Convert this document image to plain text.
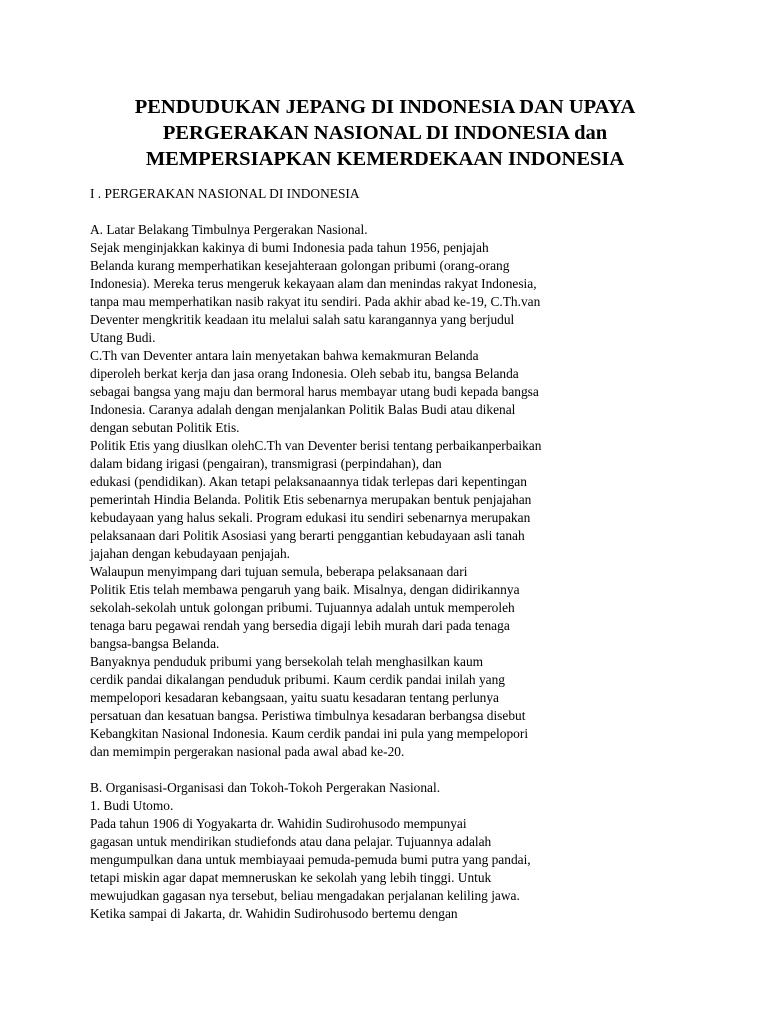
PENDUDUKAN JEPANG DI INDONESIA DAN UPAYA
PERGERAKAN NASIONAL DI INDONESIA dan
MEMPERSIAPKAN KEMERDEKAAN INDONESIA
I . PERGERAKAN NASIONAL DI INDONESIA
A. Latar Belakang Timbulnya Pergerakan Nasional.
Sejak menginjakkan kakinya di bumi Indonesia pada tahun 1956, penjajah
Belanda kurang memperhatikan kesejahteraan golongan pribumi (orang-orang
Indonesia). Mereka terus mengeruk kekayaan alam dan menindas rakyat Indonesia,
tanpa mau memperhatikan nasib rakyat itu sendiri. Pada akhir abad ke-19, C.Th.van
Deventer mengkritik keadaan itu melalui salah satu karangannya yang berjudul
Utang Budi.
C.Th van Deventer antara lain menyetakan bahwa kemakmuran Belanda
diperoleh berkat kerja dan jasa orang Indonesia. Oleh sebab itu, bangsa Belanda
sebagai bangsa yang maju dan bermoral harus membayar utang budi kepada bangsa
Indonesia. Caranya adalah dengan menjalankan Politik Balas Budi atau dikenal
dengan sebutan Politik Etis.
Politik Etis yang diuslkan olehC.Th van Deventer berisi tentang perbaikanperbaikan
dalam bidang irigasi (pengairan), transmigrasi (perpindahan), dan
edukasi (pendidikan). Akan tetapi pelaksanaannya tidak terlepas dari kepentingan
pemerintah Hindia Belanda. Politik Etis sebenarnya merupakan bentuk penjajahan
kebudayaan yang halus sekali. Program edukasi itu sendiri sebenarnya merupakan
pelaksanaan dari Politik Asosiasi yang berarti penggantian kebudayaan asli tanah
jajahan dengan kebudayaan penjajah.
Walaupun menyimpang dari tujuan semula, beberapa pelaksanaan dari
Politik Etis telah membawa pengaruh yang baik. Misalnya, dengan didirikannya
sekolah-sekolah untuk golongan pribumi. Tujuannya adalah untuk memperoleh
tenaga baru pegawai rendah yang bersedia digaji lebih murah dari pada tenaga
bangsa-bangsa Belanda.
Banyaknya penduduk pribumi yang bersekolah telah menghasilkan kaum
cerdik pandai dikalangan penduduk pribumi. Kaum cerdik pandai inilah yang
mempelopori kesadaran kebangsaan, yaitu suatu kesadaran tentang perlunya
persatuan dan kesatuan bangsa. Peristiwa timbulnya kesadaran berbangsa disebut
Kebangkitan Nasional Indonesia. Kaum cerdik pandai ini pula yang mempelopori
dan memimpin pergerakan nasional pada awal abad ke-20.
B. Organisasi-Organisasi dan Tokoh-Tokoh Pergerakan Nasional.
1. Budi Utomo.
Pada tahun 1906 di Yogyakarta dr. Wahidin Sudirohusodo mempunyai
gagasan untuk mendirikan studiefonds atau dana pelajar. Tujuannya adalah
mengumpulkan dana untuk membiayaai pemuda-pemuda bumi putra yang pandai,
tetapi miskin agar dapat memneruskan ke sekolah yang lebih tinggi. Untuk
mewujudkan gagasan nya tersebut, beliau mengadakan perjalanan keliling jawa.
Ketika sampai di Jakarta, dr. Wahidin Sudirohusodo bertemu dengan
